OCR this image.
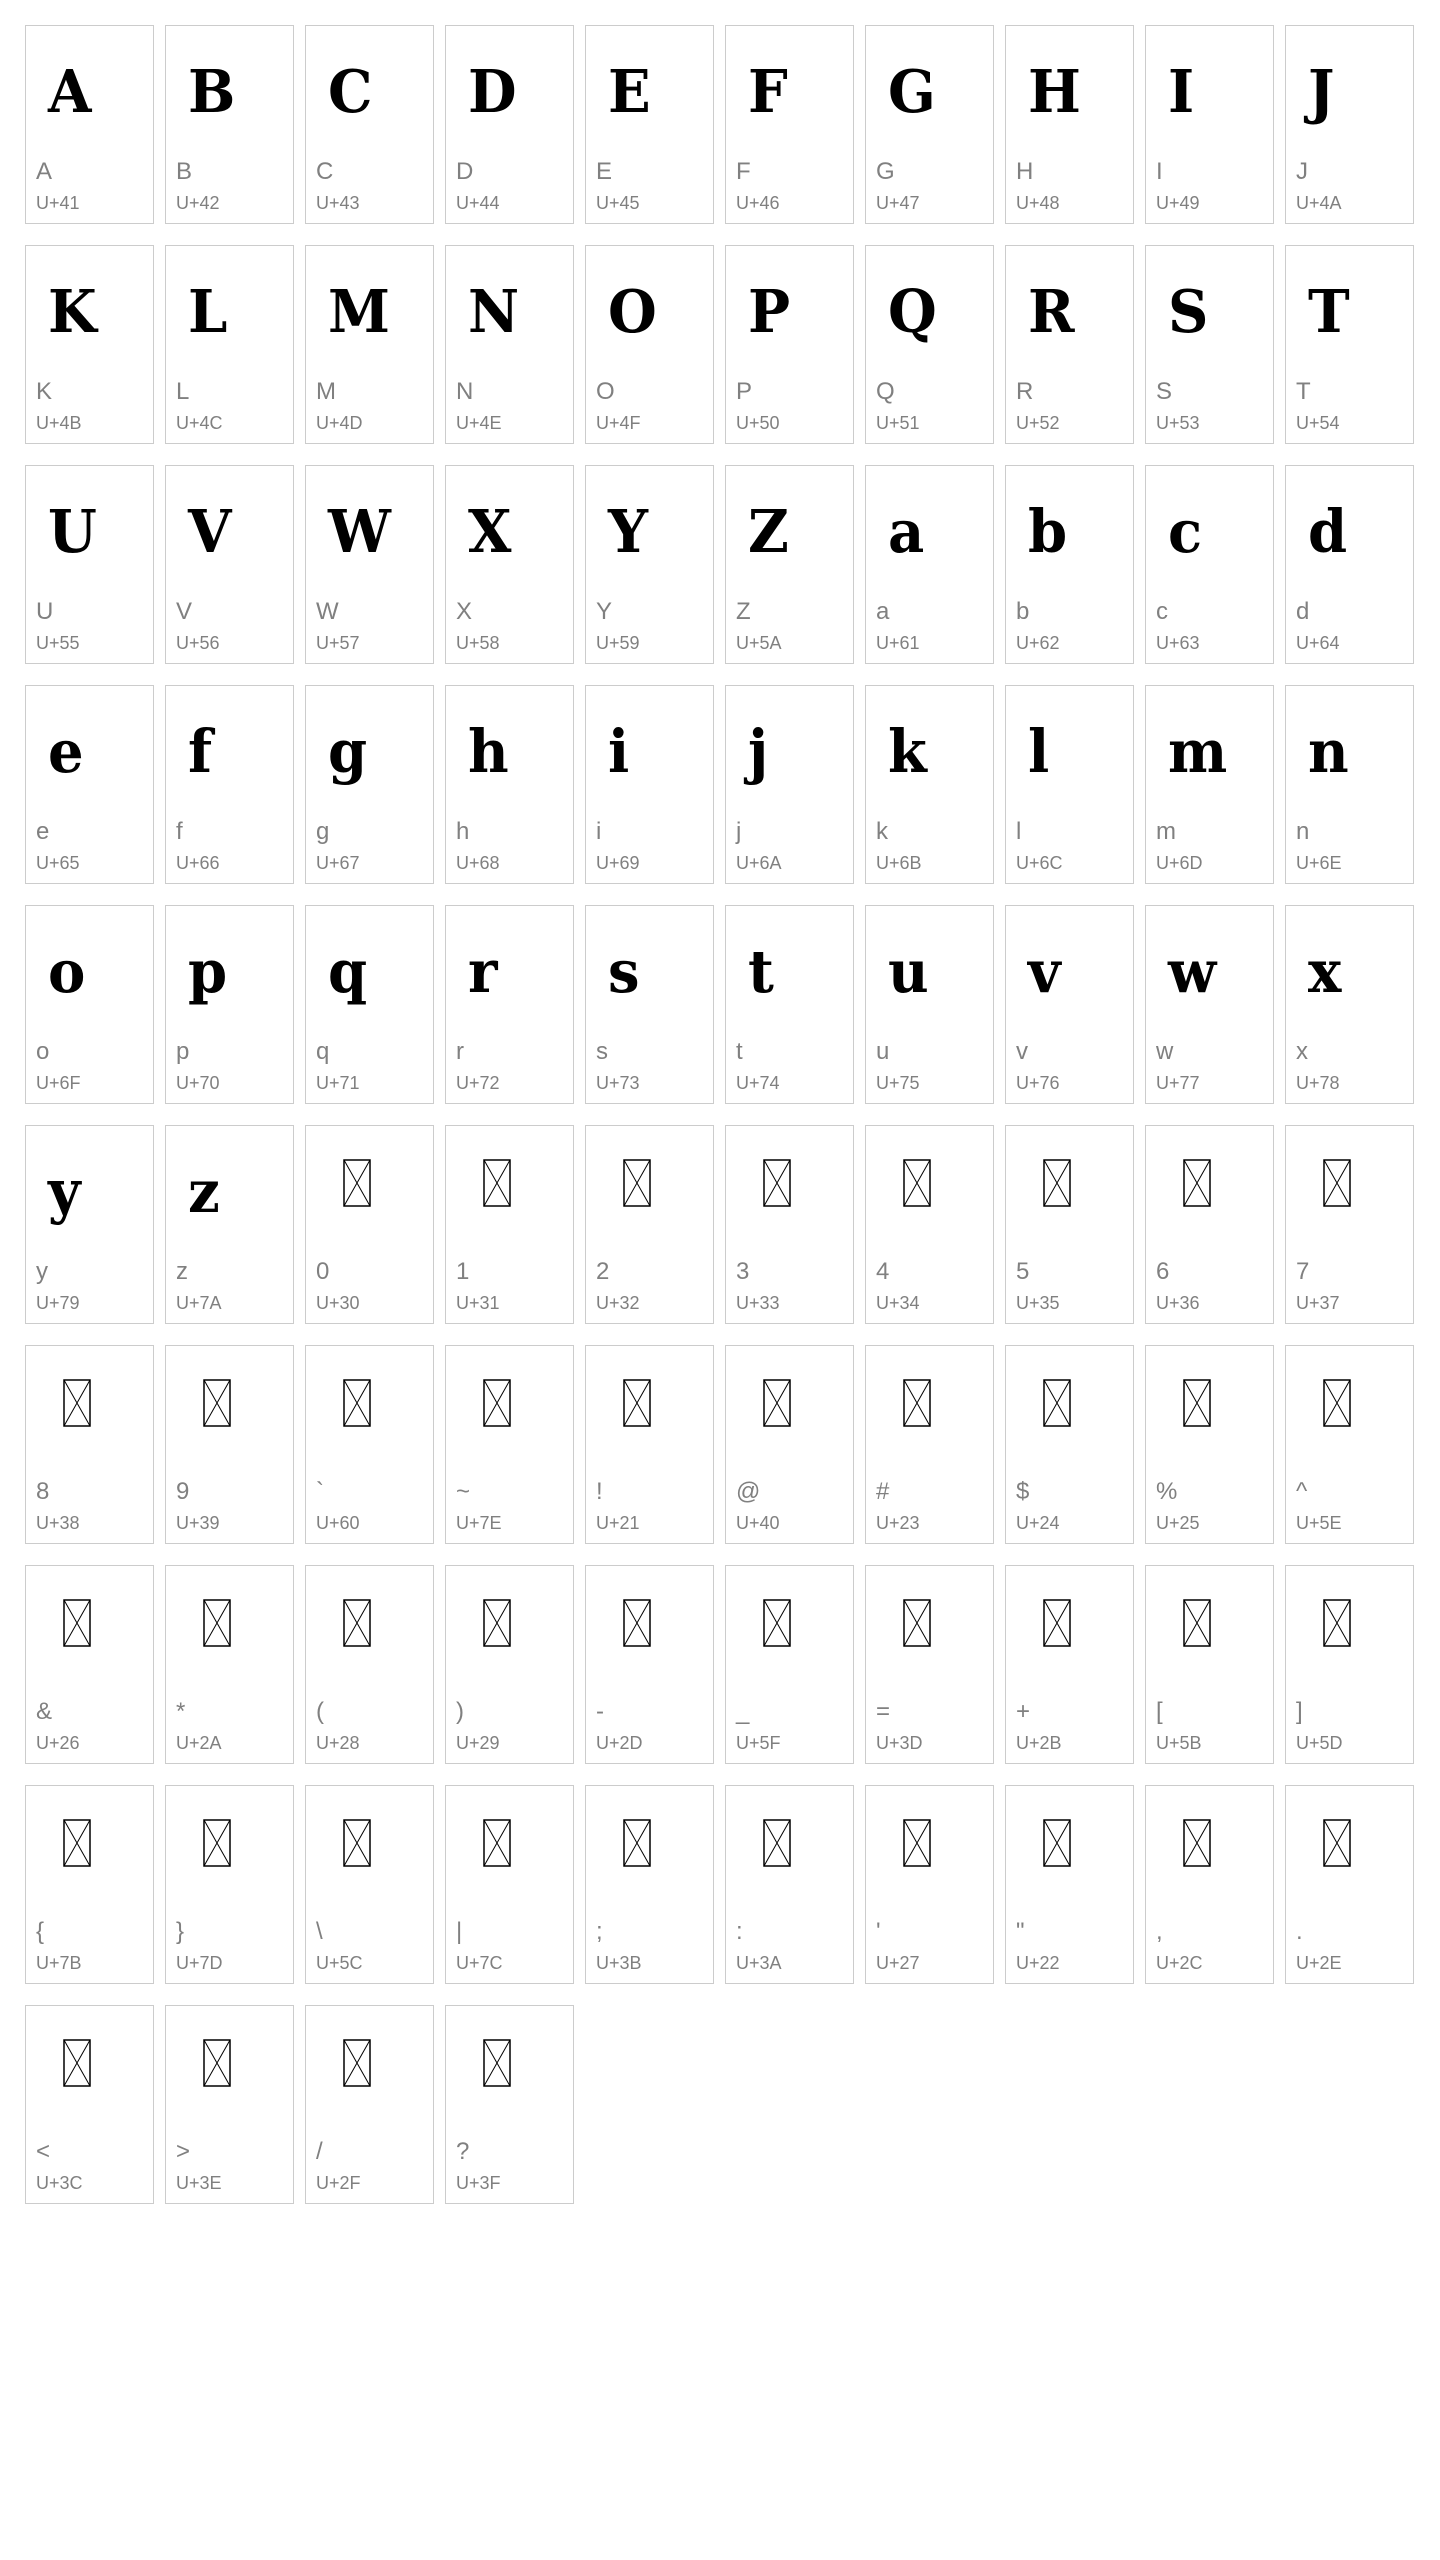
A
A
U+41
B
B
U+42
C
C
U+43
D
D
U+44
E
E
U+45
F
F
U+46
G
G
U+47
H
H
U+48
I
I
U+49
J
J
U+4A
K
K
U+4B
L
L
U+4C
M
M
U+4D
N
N
U+4E
O
O
U+4F
P
P
U+50
Q
Q
U+51
R
R
U+52
S
S
U+53
T
T
U+54
U
U
U+55
V
V
U+56
W
W
U+57
X
X
U+58
Y
Y
U+59
Z
Z
U+5A
a
a
U+61
b
b
U+62
c
c
U+63
d
d
U+64
e
e
U+65
f
f
U+66
g
g
U+67
h
h
U+68
i
i
U+69
j
j
U+6A
k
k
U+6B
l
l
U+6C
m
m
U+6D
n
n
U+6E
o
o
U+6F
p
p
U+70
q
q
U+71
r
r
U+72
s
s
U+73
t
t
U+74
u
u
U+75
v
v
U+76
w
w
U+77
x
x
U+78
y
y
U+79
z
z
U+7A
0
U+30
1
U+31
2
U+32
3
U+33
4
U+34
5
U+35
6
U+36
7
U+37
8
U+38
9
U+39
`
U+60
~
U+7E
!
U+21
@
U+40
#
U+23
$
U+24
%
U+25
^
U+5E
&
U+26
*
U+2A
(
U+28
)
U+29
-
U+2D
_
U+5F
=
U+3D
+
U+2B
[
U+5B
]
U+5D
{
U+7B
}
U+7D
\
U+5C
|
U+7C
;
U+3B
:
U+3A
'
U+27
"
U+22
,
U+2C
.
U+2E
<
U+3C
>
U+3E
/
U+2F
?
U+3F
